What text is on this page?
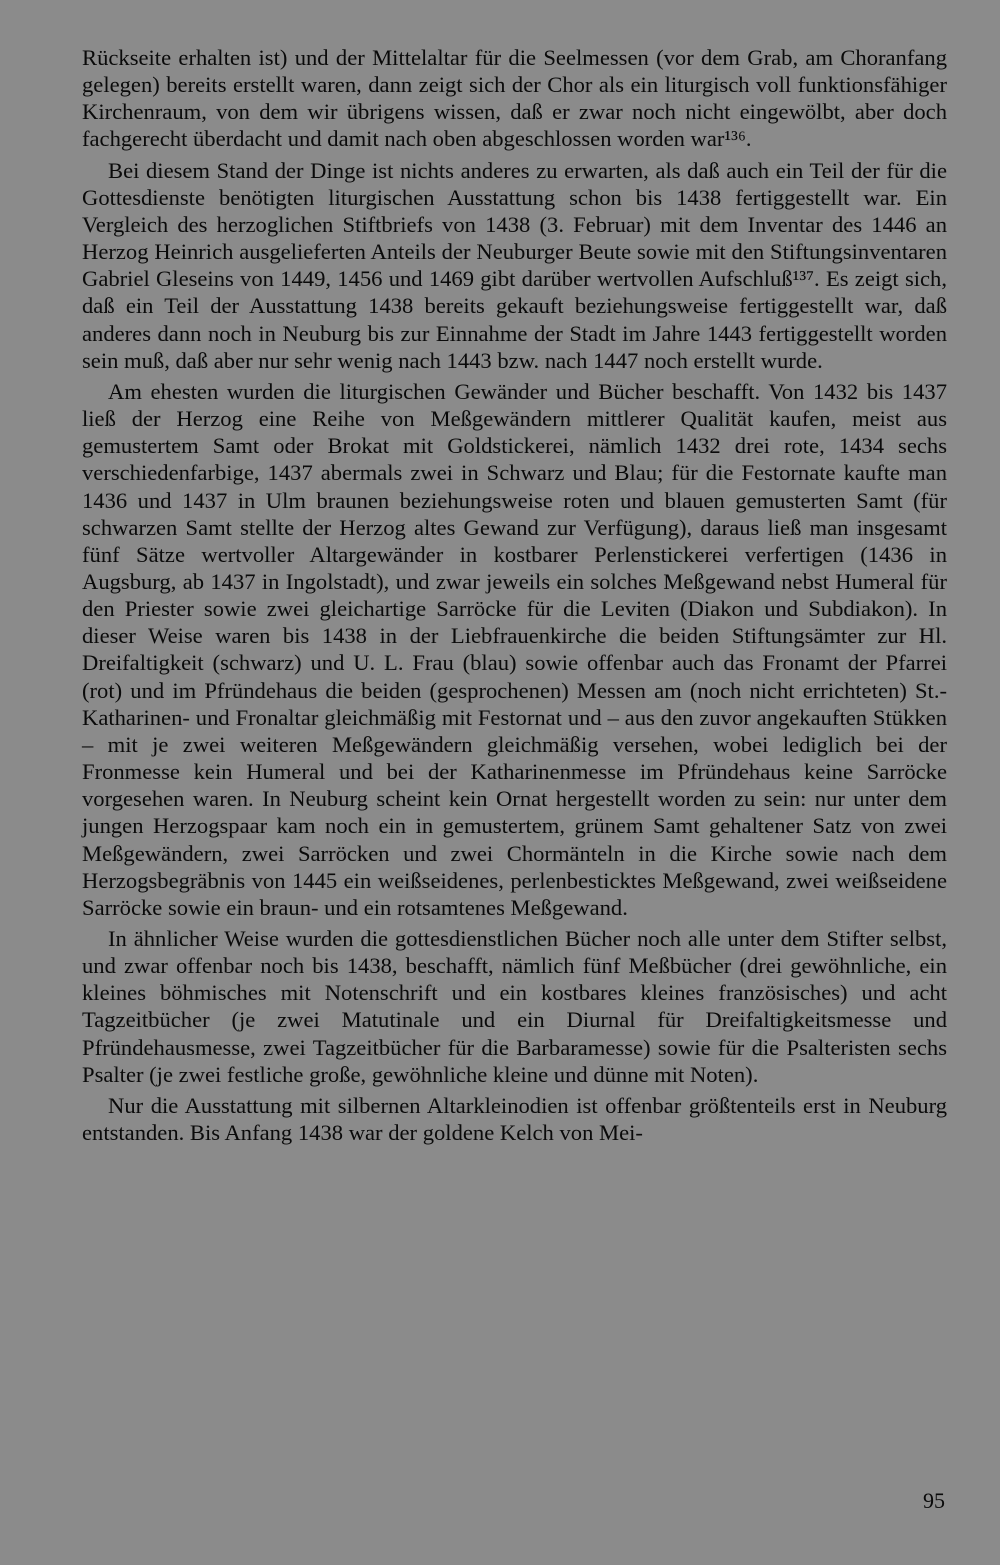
Rückseite erhalten ist) und der Mittelaltar für die Seelmessen (vor dem Grab, am Choranfang gelegen) bereits erstellt waren, dann zeigt sich der Chor als ein liturgisch voll funktionsfähiger Kirchenraum, von dem wir übrigens wissen, daß er zwar noch nicht eingewölbt, aber doch fachgerecht überdacht und damit nach oben abgeschlossen worden war¹³⁶.

Bei diesem Stand der Dinge ist nichts anderes zu erwarten, als daß auch ein Teil der für die Gottesdienste benötigten liturgischen Ausstattung schon bis 1438 fertiggestellt war. Ein Vergleich des herzoglichen Stiftbriefs von 1438 (3. Februar) mit dem Inventar des 1446 an Herzog Heinrich ausgelieferten Anteils der Neuburger Beute sowie mit den Stiftungsinventaren Gabriel Gleseins von 1449, 1456 und 1469 gibt darüber wertvollen Aufschluß¹³⁷. Es zeigt sich, daß ein Teil der Ausstattung 1438 bereits gekauft beziehungsweise fertiggestellt war, daß anderes dann noch in Neuburg bis zur Einnahme der Stadt im Jahre 1443 fertiggestellt worden sein muß, daß aber nur sehr wenig nach 1443 bzw. nach 1447 noch erstellt wurde.

Am ehesten wurden die liturgischen Gewänder und Bücher beschafft. Von 1432 bis 1437 ließ der Herzog eine Reihe von Meßgewändern mittlerer Qualität kaufen, meist aus gemustertem Samt oder Brokat mit Goldstickerei, nämlich 1432 drei rote, 1434 sechs verschiedenfarbige, 1437 abermals zwei in Schwarz und Blau; für die Festornate kaufte man 1436 und 1437 in Ulm braunen beziehungsweise roten und blauen gemusterten Samt (für schwarzen Samt stellte der Herzog altes Gewand zur Verfügung), daraus ließ man insgesamt fünf Sätze wertvoller Altargewänder in kostbarer Perlenstickerei verfertigen (1436 in Augsburg, ab 1437 in Ingolstadt), und zwar jeweils ein solches Meßgewand nebst Humeral für den Priester sowie zwei gleichartige Sarröcke für die Leviten (Diakon und Subdiakon). In dieser Weise waren bis 1438 in der Liebfrauenkirche die beiden Stiftungsämter zur Hl. Dreifaltigkeit (schwarz) und U. L. Frau (blau) sowie offenbar auch das Fronamt der Pfarrei (rot) und im Pfründehaus die beiden (gesprochenen) Messen am (noch nicht errichteten) St.-Katharinen- und Fronaltar gleichmäßig mit Festornat und – aus den zuvor angekauften Stükken – mit je zwei weiteren Meßgewändern gleichmäßig versehen, wobei lediglich bei der Fronmesse kein Humeral und bei der Katharinenmesse im Pfründehaus keine Sarröcke vorgesehen waren. In Neuburg scheint kein Ornat hergestellt worden zu sein: nur unter dem jungen Herzogspaar kam noch ein in gemustertem, grünem Samt gehaltener Satz von zwei Meßgewändern, zwei Sarröcken und zwei Chormänteln in die Kirche sowie nach dem Herzogsbegräbnis von 1445 ein weißseidenes, perlenbesticktes Meßgewand, zwei weißseidene Sarröcke sowie ein braun- und ein rotsamtenes Meßgewand.

In ähnlicher Weise wurden die gottesdienstlichen Bücher noch alle unter dem Stifter selbst, und zwar offenbar noch bis 1438, beschafft, nämlich fünf Meßbücher (drei gewöhnliche, ein kleines böhmisches mit Notenschrift und ein kostbares kleines französisches) und acht Tagzeitbücher (je zwei Matutinale und ein Diurnal für Dreifaltigkeitsmesse und Pfründehausmesse, zwei Tagzeitbücher für die Barbaramesse) sowie für die Psalteristen sechs Psalter (je zwei festliche große, gewöhnliche kleine und dünne mit Noten).

Nur die Ausstattung mit silbernen Altarkleinodien ist offenbar größtenteils erst in Neuburg entstanden. Bis Anfang 1438 war der goldene Kelch von Mei-

95
